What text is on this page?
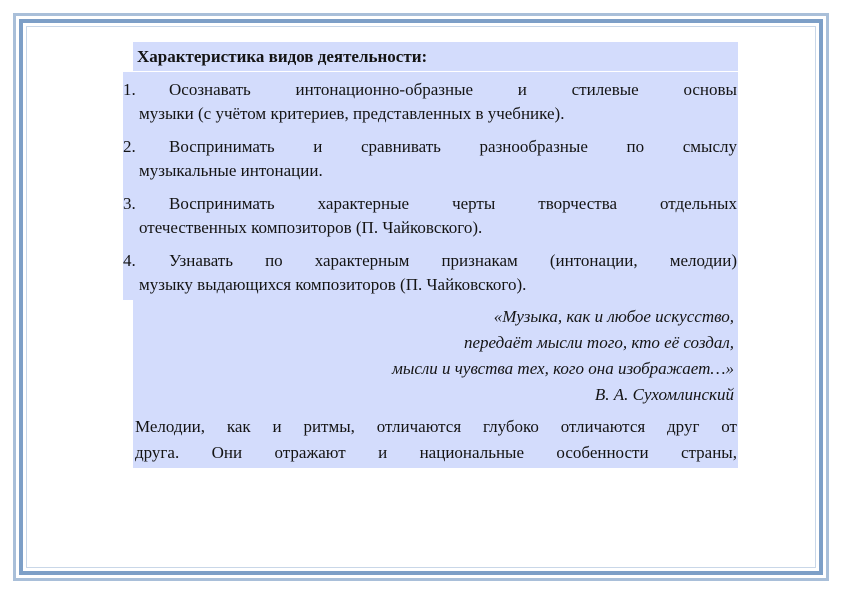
Характеристика видов деятельности:
1. Осознавать	интонационно-образные	и	стилевые	основы
музыки (с учётом критериев, представленных в учебнике).
2. Воспринимать и сравнивать разнообразные по смыслу
музыкальные интонации.
3. Воспринимать	характерные	черты	творчества	отдельных
отечественных композиторов (П. Чайковского).
4. Узнавать по характерным признакам (интонации, мелодии)
музыку выдающихся композиторов (П. Чайковского).
«Музыка, как и любое искусство,
передаёт мысли того, кто её создал,
мысли и чувства тех, кого она изображает…»
В. А. Сухомлинский
Мелодии, как и ритмы, отличаются глубоко отличаются друг от
друга. Они отражают и национальные особенности страны,
